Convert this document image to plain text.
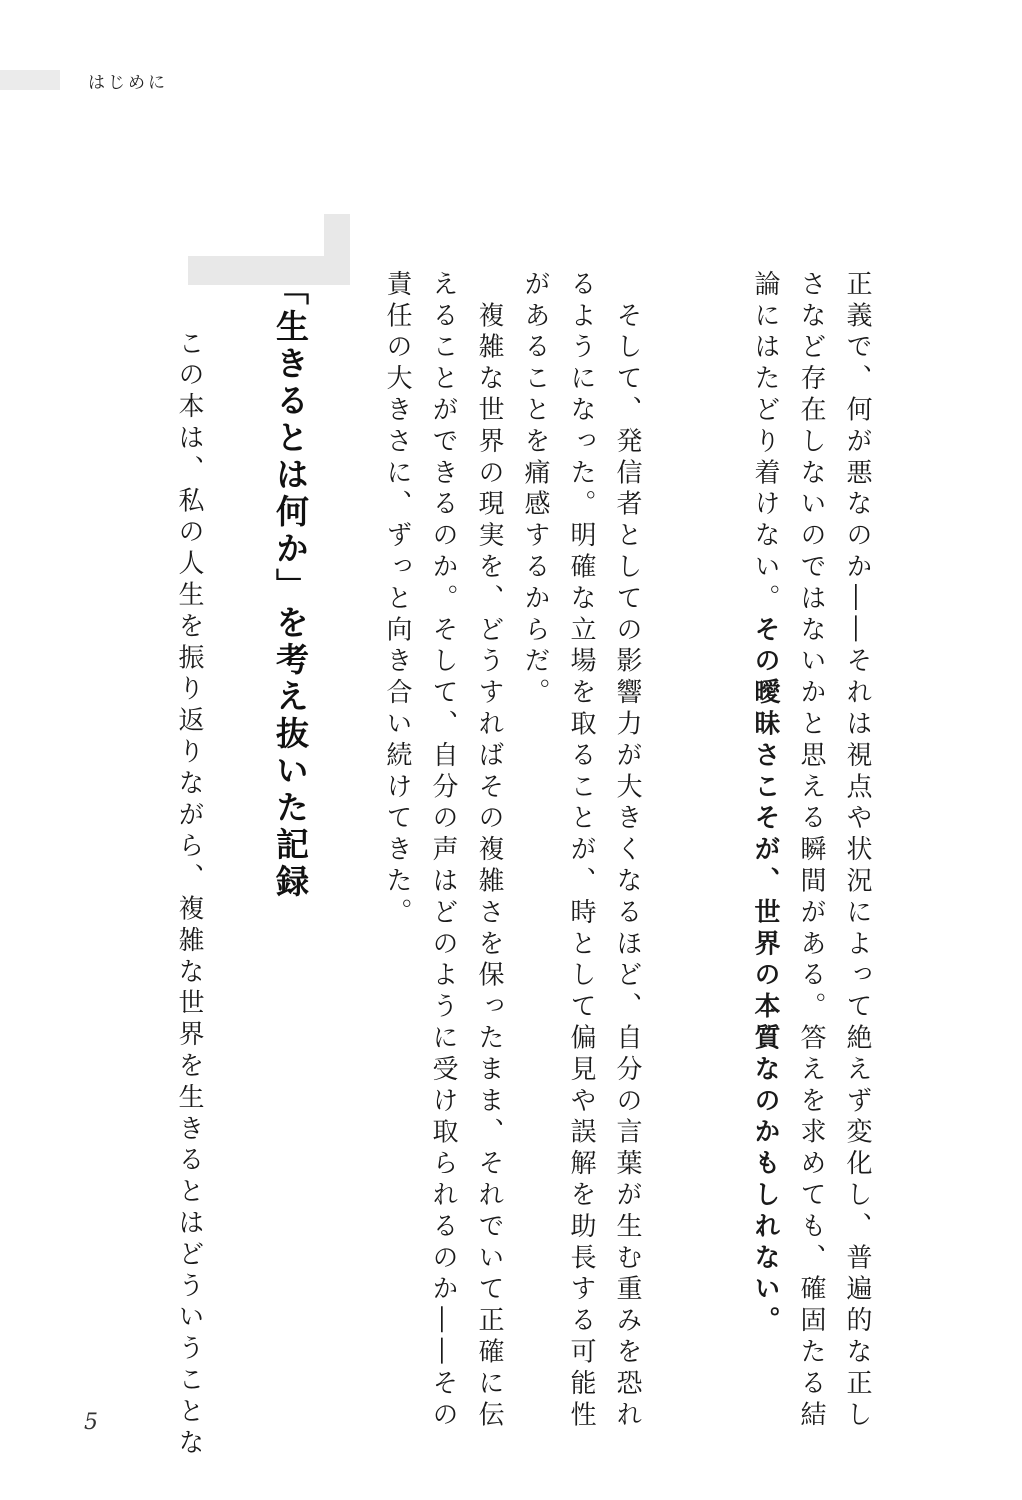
はじめに
正義で、何が悪なのか――それは視点や状況によって絶えず変化し、普遍的な正し
さなど存在しないのではないかと思える瞬間がある。答えを求めても、確固たる結
論にはたどり着けない。その曖昧さこそが、世界の本質なのかもしれない。
　そして、発信者としての影響力が大きくなるほど、自分の言葉が生む重みを恐れ
るようになった。明確な立場を取ることが、時として偏見や誤解を助長する可能性
があることを痛感するからだ。
　複雑な世界の現実を、どうすればその複雑さを保ったまま、それでいて正確に伝
えることができるのか。そして、自分の声はどのように受け取られるのか――その
責任の大きさに、ずっと向き合い続けてきた。
「生きるとは何か」を考え抜いた記録
　この本は、私の人生を振り返りながら、複雑な世界を生きるとはどういうことな
5
